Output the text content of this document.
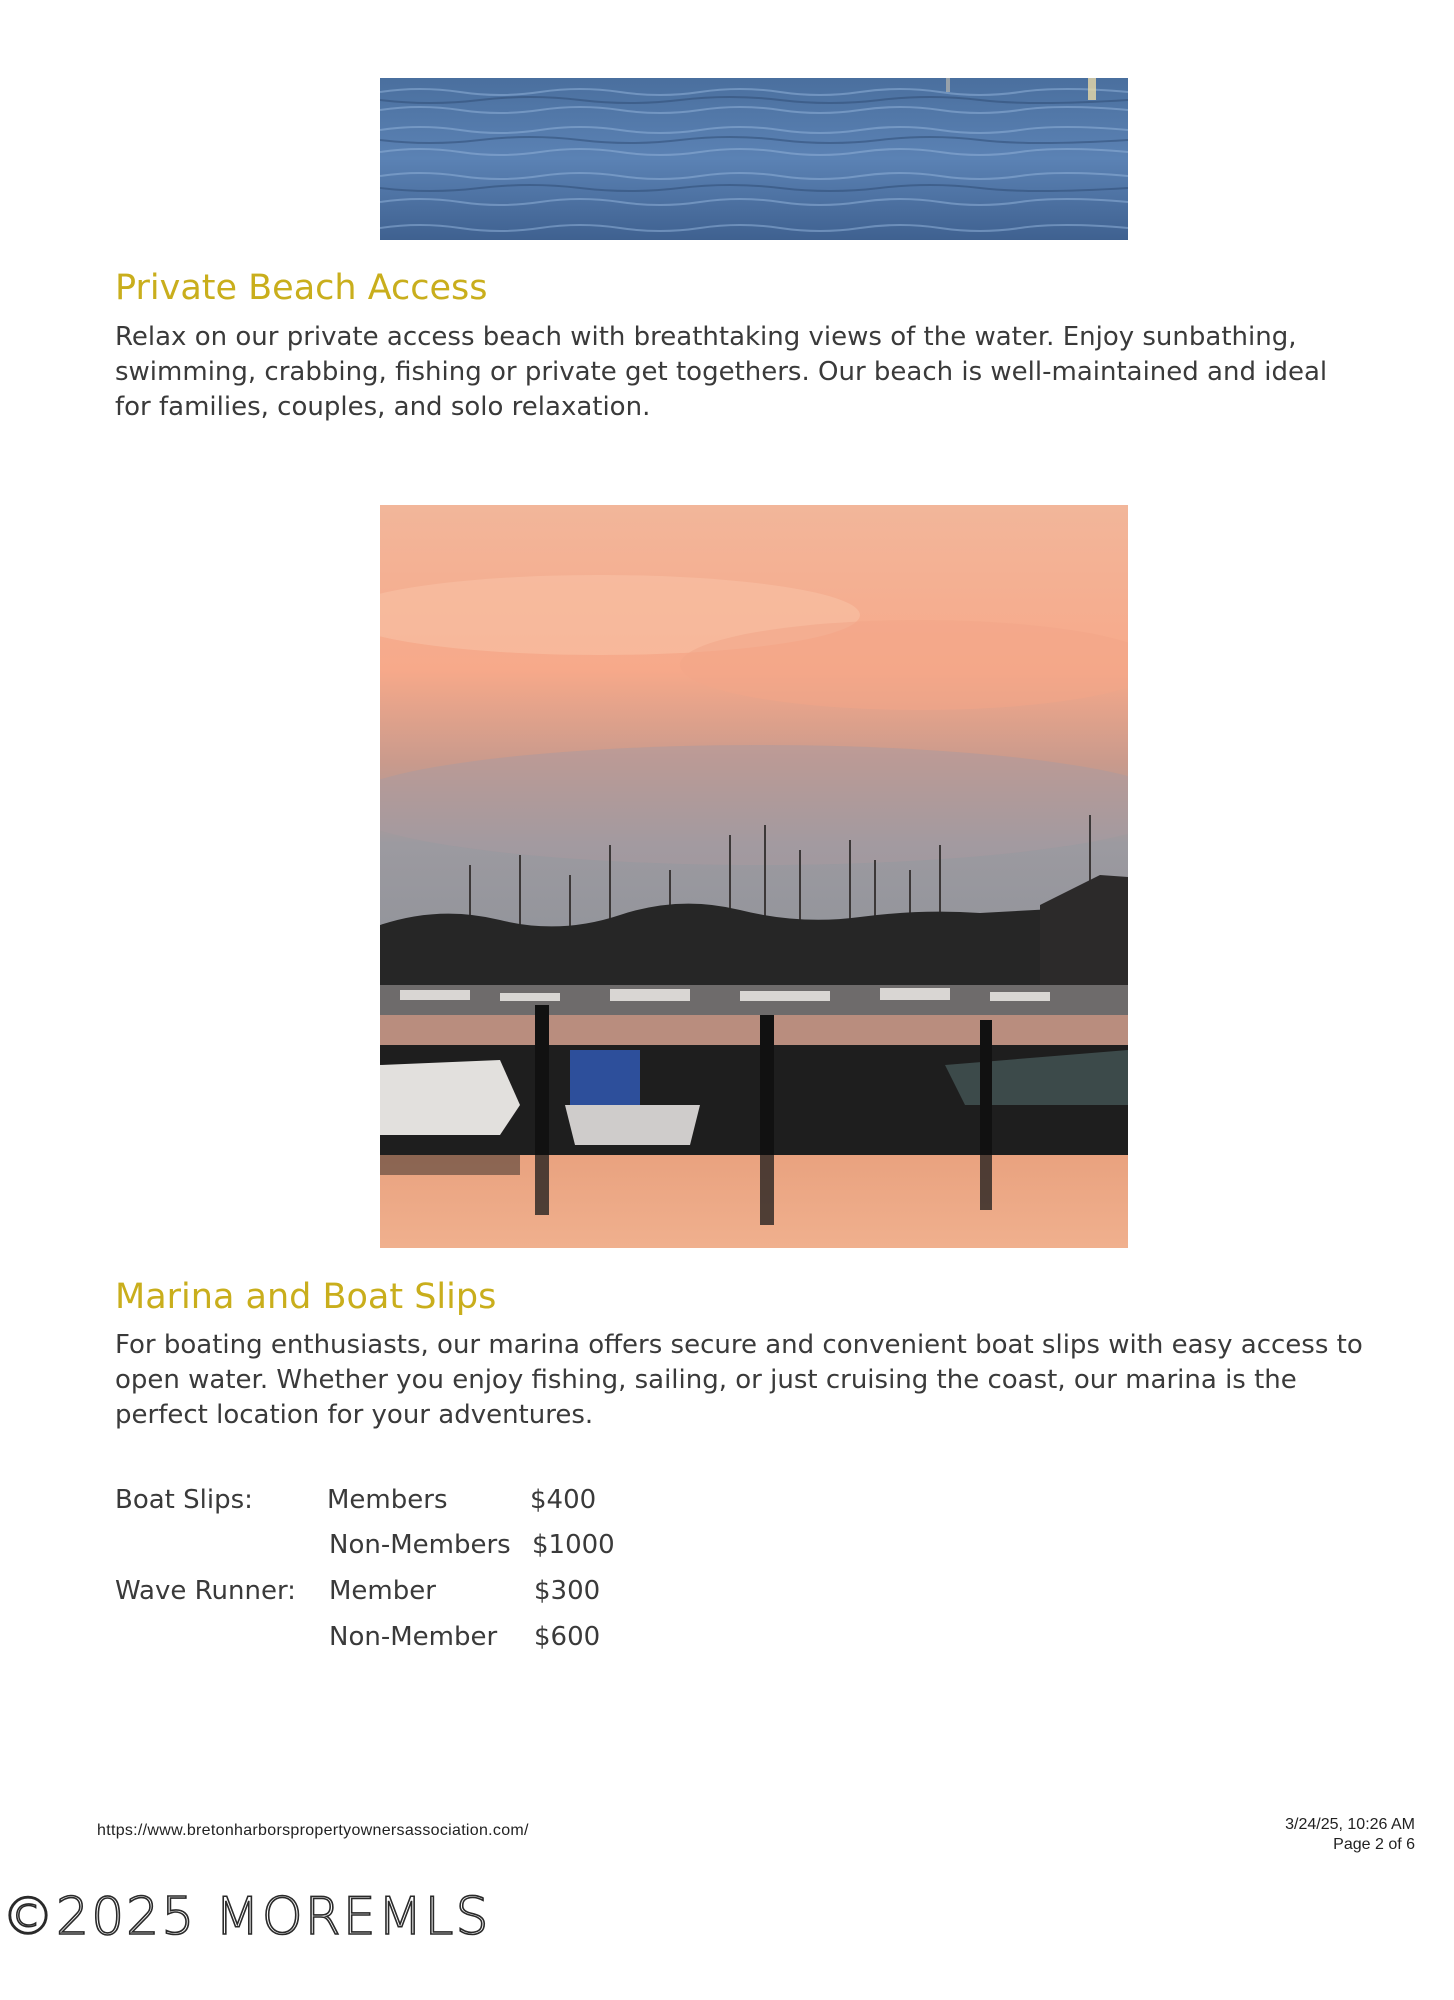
Private Beach Access

Relax on our private access beach with breathtaking views of the water. Enjoy sunbathing, swimming, crabbing, fishing or private get togethers. Our beach is well-maintained and ideal for families, couples, and solo relaxation.

Marina and Boat Slips

For boating enthusiasts, our marina offers secure and convenient boat slips with easy access to open water. Whether you enjoy fishing, sailing, or just cruising the coast, our marina is the perfect location for your adventures.

Boat Slips:	Members	$400
Non-Members $1000
Wave Runner: Member	$300
Non-Member $600
https://www.bretonharborspropertyownersassociation.com/	3/24/25, 10:26 AM
Page 2 of 6
©2025 MOREMLS
